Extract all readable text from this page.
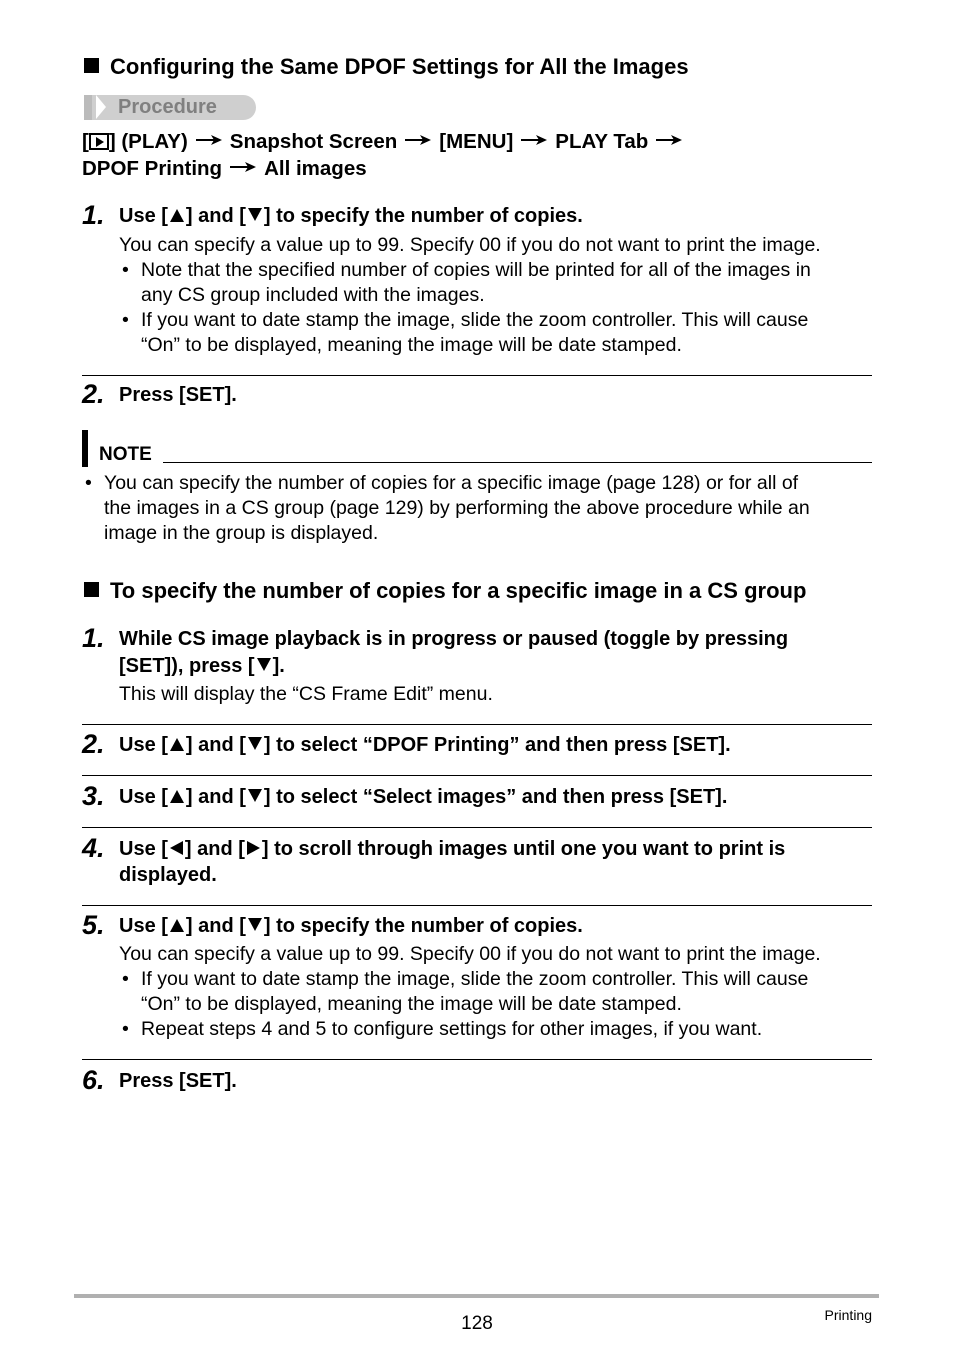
Configuring the Same DPOF Settings for All the Images
Procedure
[ ] (PLAY) Snapshot Screen [MENU] PLAY Tab
DPOF Printing All images
1. Use [ ] and [ ] to specify the number of copies.
You can specify a value up to 99. Specify 00 if you do not want to print the image.
• Note that the specified number of copies will be printed for all of the images in
any CS group included with the images.
• If you want to date stamp the image, slide the zoom controller. This will cause
“On” to be displayed, meaning the image will be date stamped.
2. Press [SET].
NOTE
• You can specify the number of copies for a specific image (page 128) or for all of
the images in a CS group (page 129) by performing the above procedure while an
image in the group is displayed.
To specify the number of copies for a specific image in a CS group
1. While CS image playback is in progress or paused (toggle by pressing
[SET]), press [ ].
This will display the “CS Frame Edit” menu.
2. Use [ ] and [ ] to select “DPOF Printing” and then press [SET].
3. Use [ ] and [ ] to select “Select images” and then press [SET].
4. Use [ ] and [ ] to scroll through images until one you want to print is
displayed.
5. Use [ ] and [ ] to specify the number of copies.
You can specify a value up to 99. Specify 00 if you do not want to print the image.
• If you want to date stamp the image, slide the zoom controller. This will cause
“On” to be displayed, meaning the image will be date stamped.
• Repeat steps 4 and 5 to configure settings for other images, if you want.
6. Press [SET].
128	Printing
